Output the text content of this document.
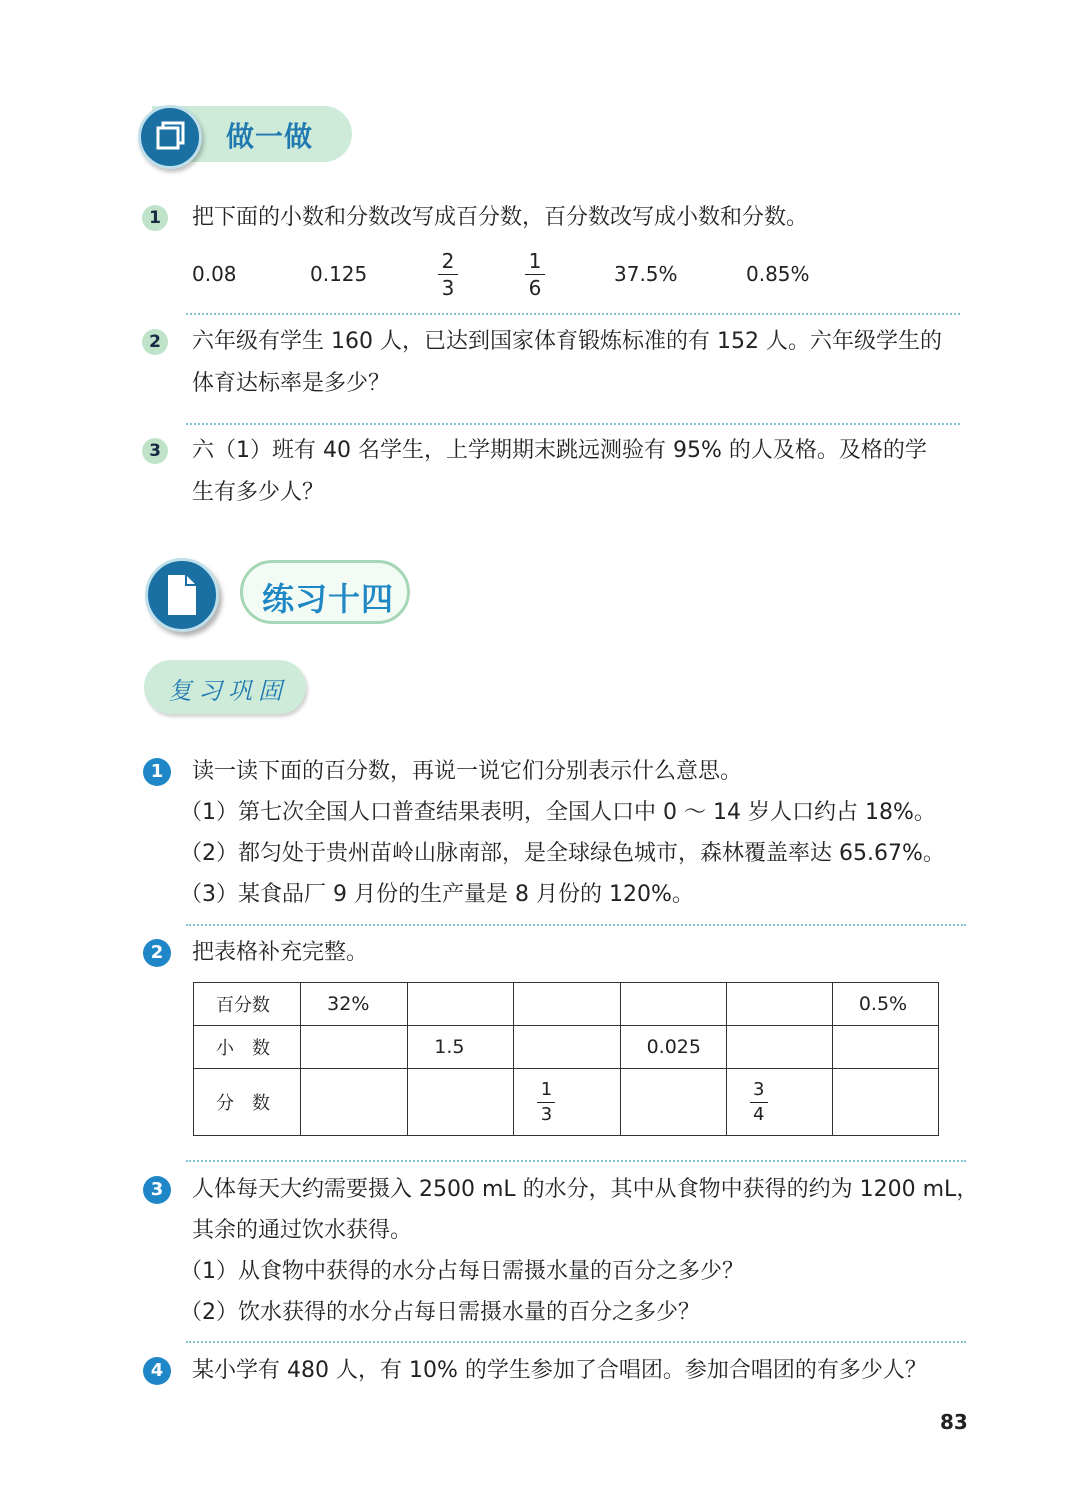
做一做
1	把下面的小数和分数改写成百分数，百分数改写成小数和分数。
0.08	0.125
2
3
1
6
37.5%	0.85%
2	六年级有学生 160 人，已达到国家体育锻炼标准的有 152 人。六年级学生的
体育达标率是多少？
3	六（1）班有 40 名学生，上学期期末跳远测验有 95% 的人及格。及格的学
生有多少人？
练习十四
复习巩固
1	读一读下面的百分数，再说一说它们分别表示什么意思。
（1）第七次全国人口普查结果表明，全国人口中 0 ～ 14 岁人口约占 18%。
（2）都匀处于贵州苗岭山脉南部，是全球绿色城市，森林覆盖率达 65.67%。
（3）某食品厂 9 月份的生产量是 8 月份的 120%。
2	把表格补充完整。
百分数	32%					0.5%
小　数		1.5		0.025		
分　数			$\frac{1}{3}$		$\frac{3}{4}$	
3	人体每天大约需要摄入 2500 mL 的水分，其中从食物中获得的约为 1200 mL，
其余的通过饮水获得。
（1）从食物中获得的水分占每日需摄水量的百分之多少？
（2）饮水获得的水分占每日需摄水量的百分之多少？
4	某小学有 480 人，有 10% 的学生参加了合唱团。参加合唱团的有多少人？
83
